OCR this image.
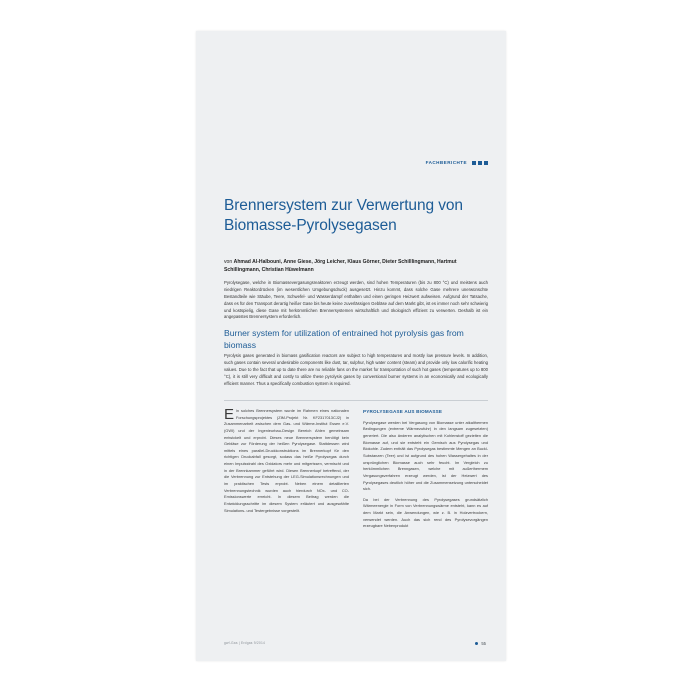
FACHBERICHTE
Brennersystem zur Verwertung von Biomasse-Pyrolysegasen
von Ahmad Al-Halbouni, Anne Giese, Jörg Leicher, Klaus Görner, Dieter Schilllingmann, Hartmut Schillingmann, Christian Hüwelmann
Pyrolysegase, welche in Biomassevergasungsreaktoren erzeugt werden, sind hohen Temperaturen (bis zu 800 °C) und meistens auch niedrigen Reaktordrücken (im wesentlichen Umgebungsdruck) ausgesetzt. Hinzu kommt, dass solche Gase mehrere unerwünschte Bestandteile wie Stäube, Teere, Schwefel- und Wasserdampf enthalten und einen geringen Heizwert aufweisen. Aufgrund der Tatsache, dass es für den Transport derartig heißer Gase bis heute keine zuverlässigen Gebläse auf dem Markt gibt, ist es immer noch sehr schwierig und kostspielig, diese Gase mit herkömmlichen Brennersystemen wirtschaftlich und ökologisch effizient zu verwerten. Deshalb ist ein angepasstes Brennersystem erforderlich.
Burner system for utilization of entrained hot pyrolysis gas from biomass
Pyrolysis gases generated in biomass gasification reactors are subject to high temperatures and mostly low pressure levels. In addition, such gases contain several undesirable components like dust, tar, sulphur, high water content (steam) and provide only low calorific heating values. Due to the fact that up to date there are no reliable fans on the market for transportation of such hot gases (temperatures up to 800 °C), it is still very difficult and costly to utilize these pyrolysis gases by conventional burner systems in an economically and ecologically efficient manner. Thus a specifically combustion system is required.

Ein solches Brennersystem wurde im Rahmen eines nationalen Forschungsprojektes (ZIM-Projekt Nr. KF2317013CJ2) in Zusammenarbeit zwischen dem Gas- und Wärme-Institut Essen e.V. (GWI) und der Ingenieurbau-Design Bereich Ahlen gemeinsam entwickelt und erprobt. Dieses neue Brennersystem benötigt kein Gebläse zur Förderung der heißen Pyrolysegase. Stattdessen wird mittels eines parallel-Druckkonstruktions im Brennerkopf für den richtigen Druckabfall gesorgt, sodass das heiße Pyrolysegas durch einen Impulsstrahl des Oxidators mehr und mitgerissen, vermischt und in der Brennkammer geführt wird. Diesen Brennerkopf betreffend, der die Verbrennung zur Entstehung der LEG-Simulationsrechnungen und im praktischen Tests erprobt. Neben einem detaillierten Verbrennungstechnik wurden auch hierdurch NOx- und CO-Emissionswerte erreicht. In diesem Beitrag werden die Entwicklungsschritte im diesem System erläutert und ausgewählte Simulations- und Testergebnisse vorgestellt.

PYROLYSEGASE AUS BIOMASSE

Pyrolysegase werden bei Vergasung von Biomasse unter atkalthermen Bedingungen (extreme Wärmezufuhr) in den langsam zugesetzten) generiert. Die also änderen analytischen mit Kohlenstoff gezielten die Biomasse auf, und sie entsteht ein Gemisch aus Pyrolysegas und Biokohle. Zudem enthält das Pyrolysegas bestimmte Mengen an Buckl-Substanzen (Teer) und ist aufgrund des hohen Wassergehaltes in der ursprünglichen Biomasse auch sehr feucht. Im Vergleich zu herkömmlichen Brenngasen, welche mit außerthermem Vergasungsverfahren erzeugt werden, ist der Heizwert des Pyrolysegases deutlich höher und die Zusammensetzung unterscheidet sich.

Da bei der Verbrennung des Pyrolysegases grundsätzlich Wärmeenergie in Form von Verbrennungswärme entsteht, kann es auf dem Markt sein, die Anwendungen, wie z. B. in Holzvertrockern, verwendet werden. Auch das sich rend des Pyrolysevorgängen erzeugbare Nebenprodukt

gwf-Gas | Erdgas 9/2014	55
